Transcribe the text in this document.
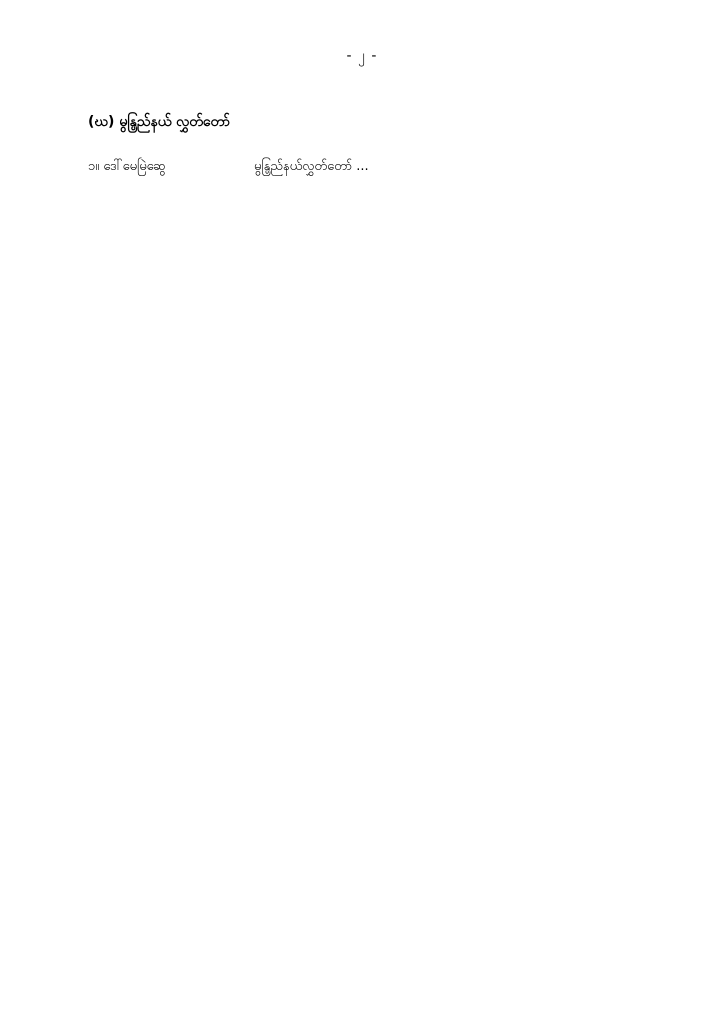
- ၂ -
(ဃ) မွန္ပြည်နယ် လွှတ်တော်
၁။ ဒေါ်မေမြဲဆွေ	မွန္ပြည်နယ်လွှတ်တော် ...
